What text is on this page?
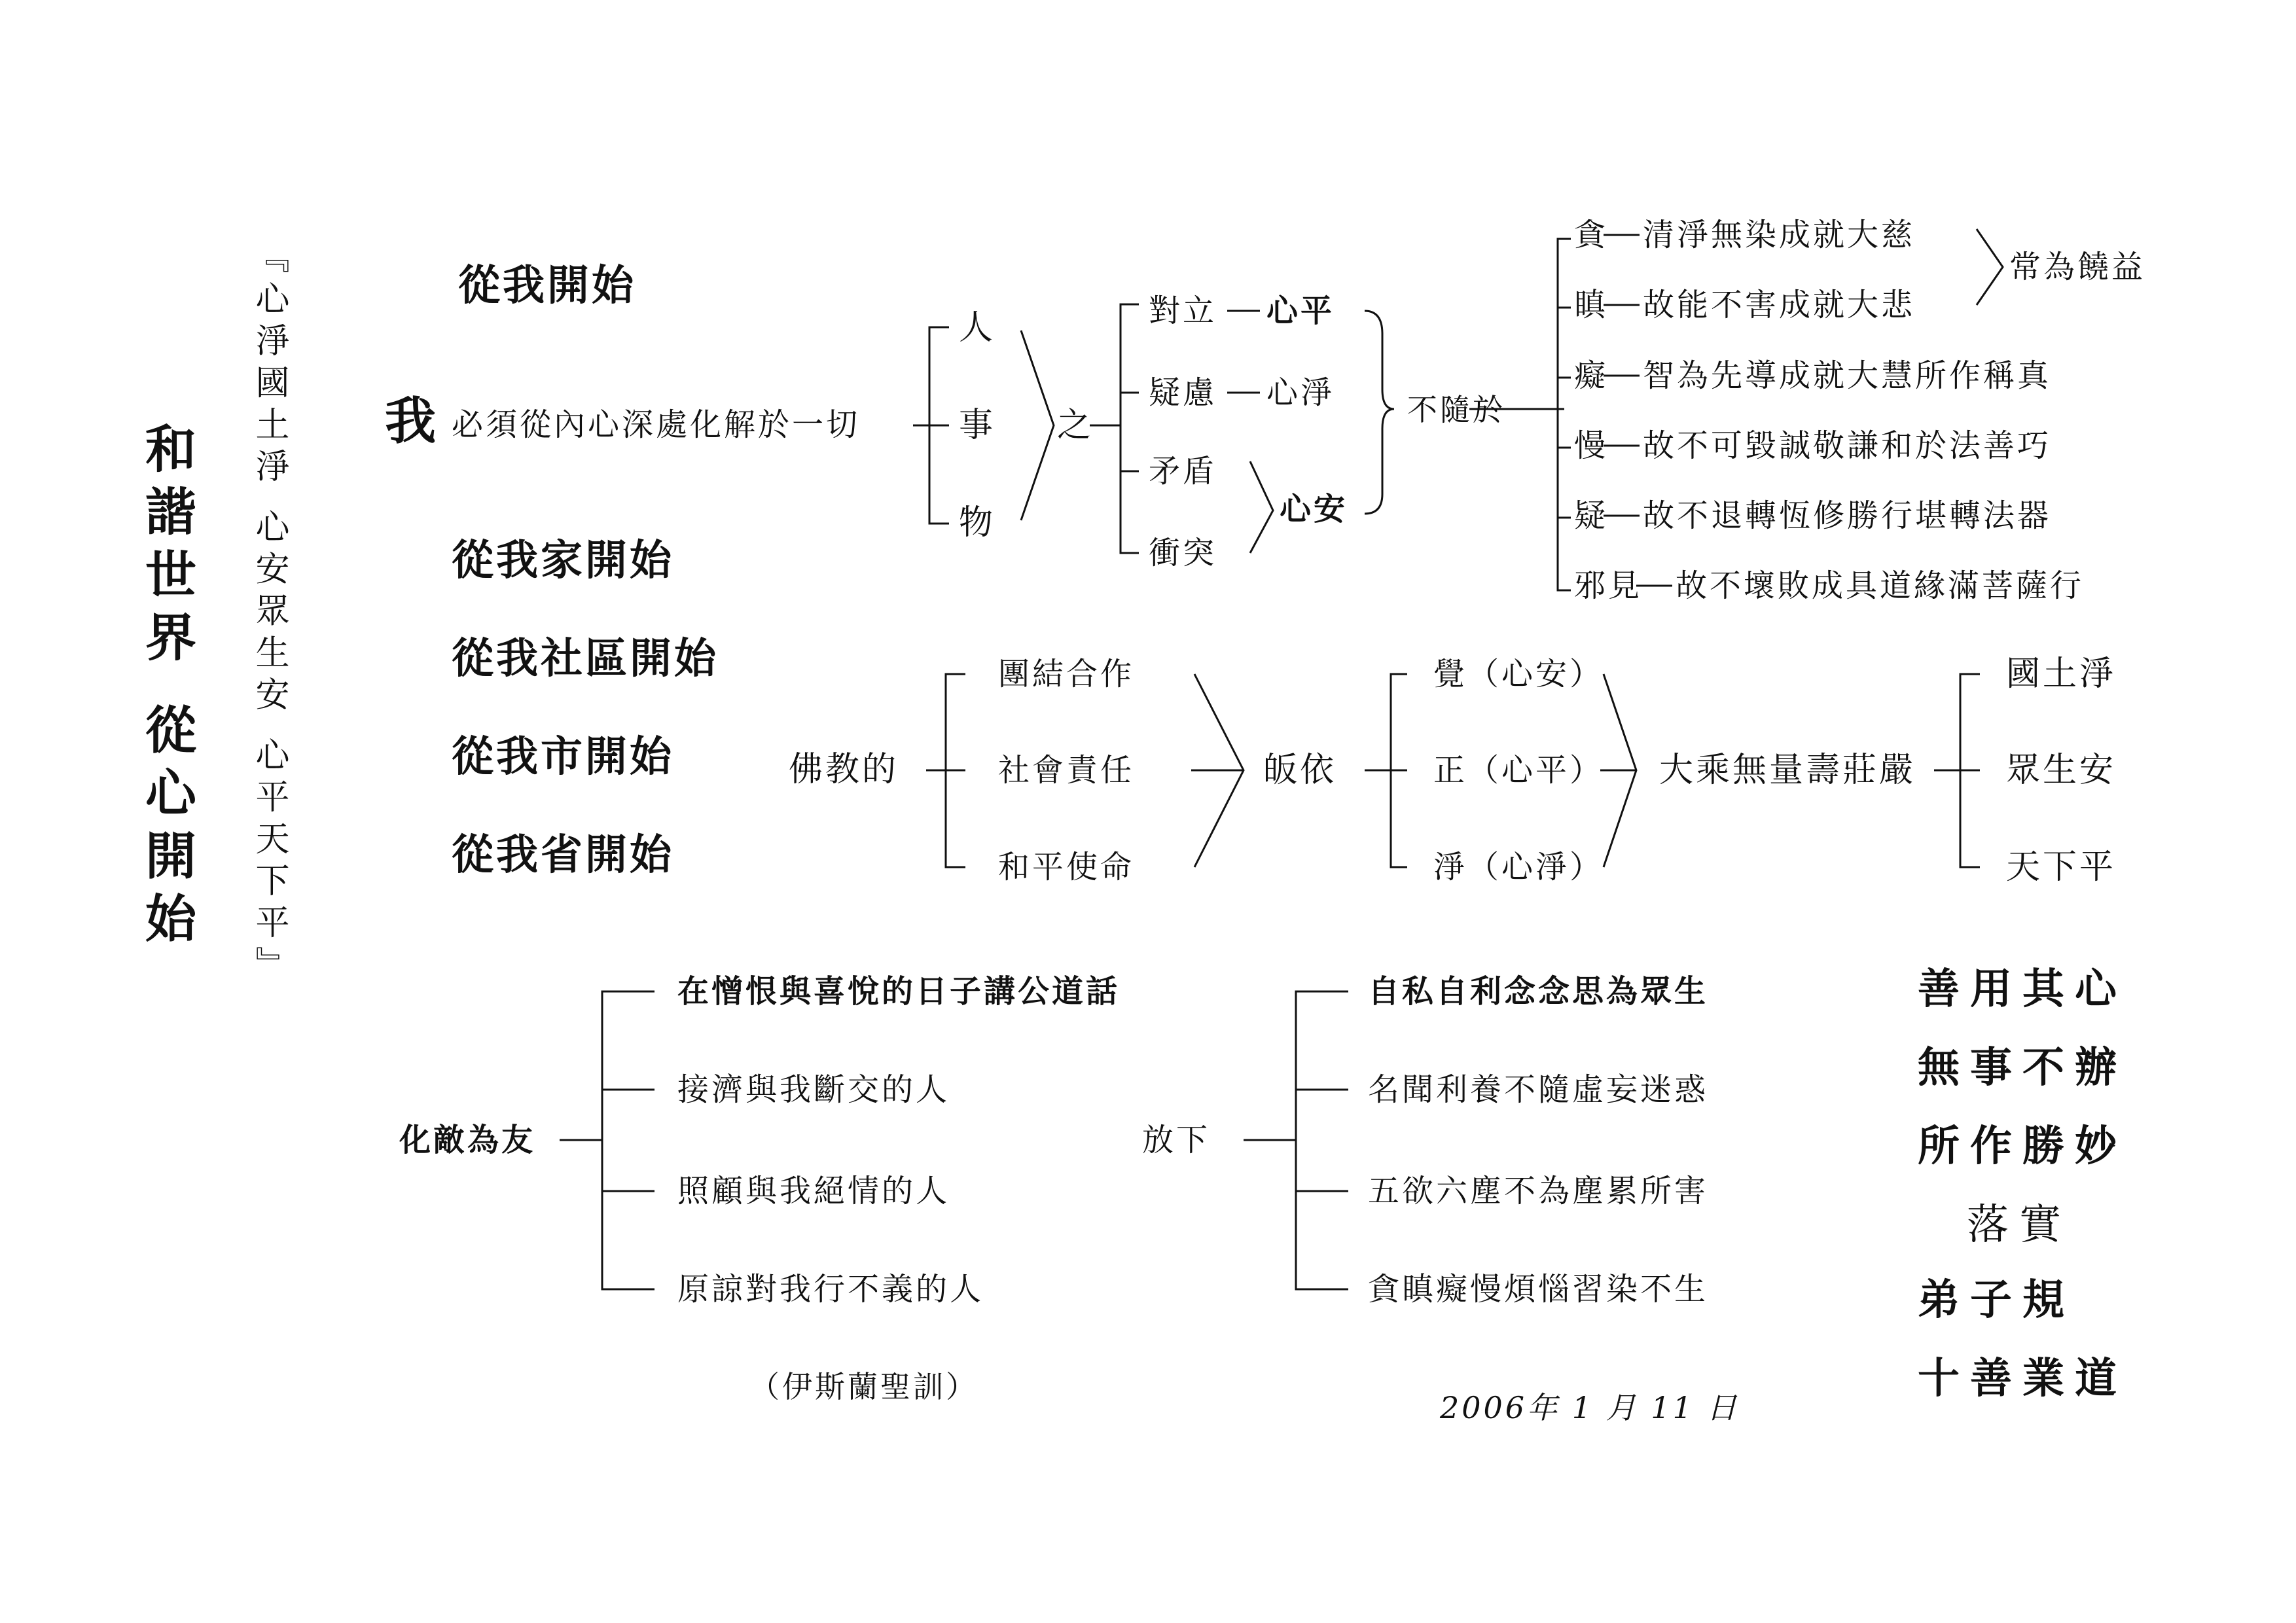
和諧世界 從心開始 『心淨國土淨 心安眾生安 心平天下平』	從我開始
我 必須從內心深處化解於一切
人
事
物
之
對立 心平
疑慮 心淨
矛盾
衝突
心安
不隨於
貪 清淨無染成就大慈
瞋 故能不害成就大悲
癡 智為先導成就大慧所作稱真
慢 故不可毀誠敬謙和於法善巧
疑 故不退轉恆修勝行堪轉法器
邪見 故不壞敗成具道緣滿菩薩行
常為饒益
從我家開始
從我社區開始
從我市開始
從我省開始
佛教的
團結合作
社會責任
和平使命
皈依
覺（心安）
正（心平）
淨（心淨）
大乘無量壽莊嚴
國土淨
眾生安
天下平
化敵為友
在憎恨與喜悅的日子講公道話
接濟與我斷交的人
照顧與我絕情的人
原諒對我行不義的人
（伊斯蘭聖訓）
放下
自私自利念念思為眾生
名聞利養不隨虛妄迷惑
五欲六塵不為塵累所害
貪瞋癡慢煩惱習染不生
2006年 1 月 11 日
善用其心
無事不辦
所作勝妙
落實
弟子規
十善業道
